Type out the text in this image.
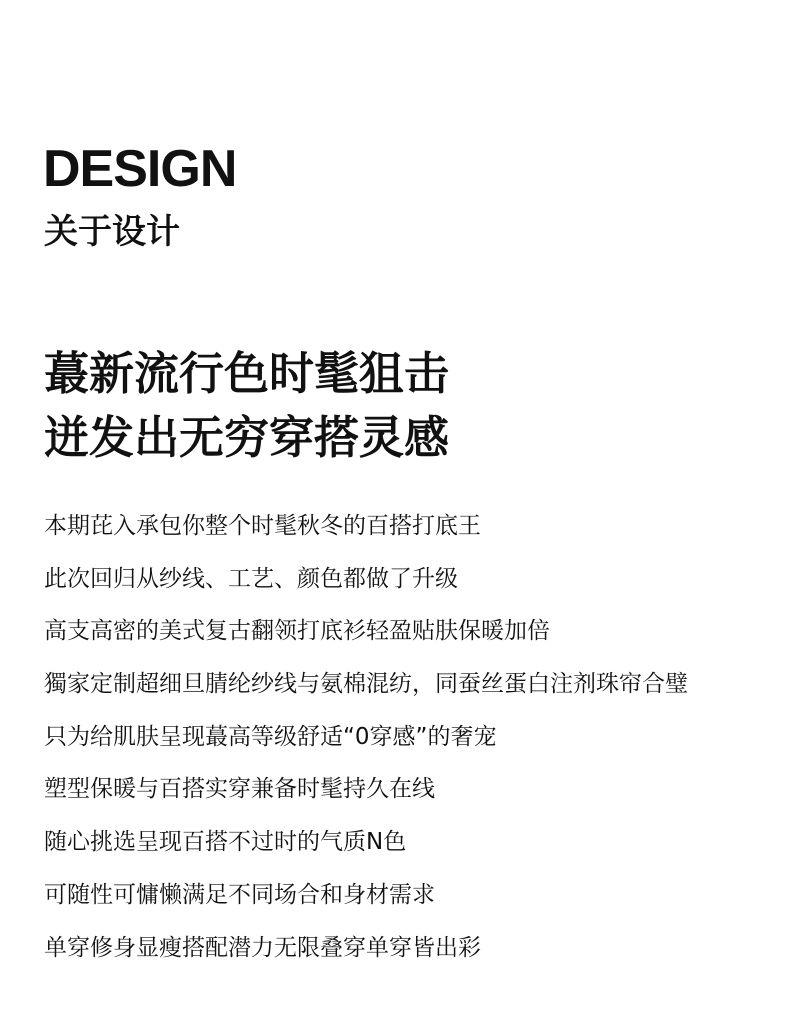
DESIGN
关于设计
蕞新流行色时髦狙击
迸发出无穷穿搭灵感
本期芘入承包你整个时髦秋冬的百搭打底王
此次回归从纱线、工艺、颜色都做了升级
高支高密的美式复古翻领打底衫轻盈贴肤保暖加倍
獨家定制超细旦腈纶纱线与氨棉混纺，同蚕丝蛋白注剂珠帘合璧
只为给肌肤呈现蕞高等级舒适“0穿感”的奢宠
塑型保暖与百搭实穿兼备时髦持久在线
随心挑选呈现百搭不过时的气质N色
可随性可慵懒满足不同场合和身材需求
单穿修身显瘦搭配潜力无限叠穿单穿皆出彩
